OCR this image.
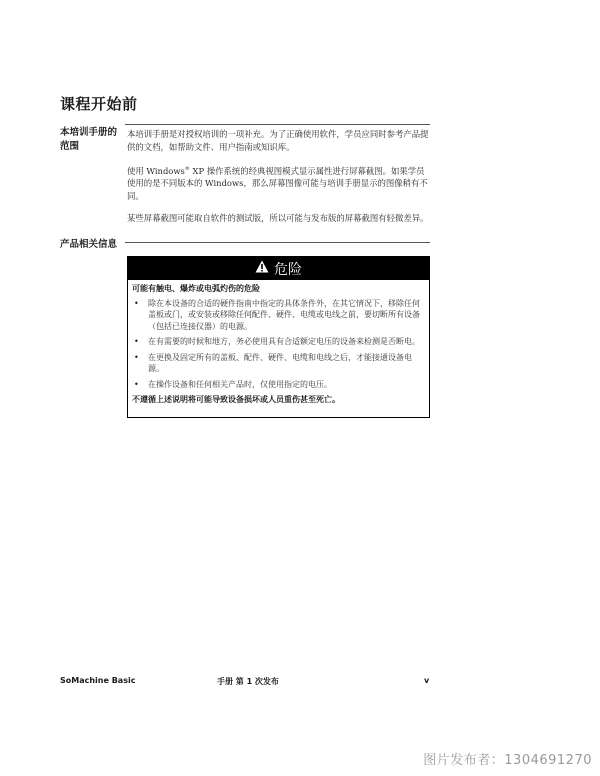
课程开始前
本培训手册的范围

本培训手册是对授权培训的一项补充。为了正确使用软件，学员应同时参考产品提供的文档，如帮助文件、用户指南或知识库。

使用 Windows® XP 操作系统的经典视图模式显示属性进行屏幕截图。如果学员使用的是不同版本的 Windows，那么屏幕图像可能与培训手册显示的图像稍有不同。

某些屏幕截图可能取自软件的测试版，所以可能与发布版的屏幕截图有轻微差异。

产品相关信息
危险
可能有触电、爆炸或电弧灼伤的危险
•	除在本设备的合适的硬件指南中指定的具体条件外，在其它情况下，移除任何盖板或门，或安装或移除任何配件、硬件、电缆或电线之前，要切断所有设备（包括已连接仪器）的电源。
•	在有需要的时候和地方，务必使用具有合适额定电压的设备来检测是否断电。
•	在更换及固定所有的盖板、配件、硬件、电缆和电线之后，才能接通设备电源。
•	在操作设备和任何相关产品时，仅使用指定的电压。
不遵循上述说明将可能导致设备损坏或人员重伤甚至死亡。
SoMachine Basic	手册 第 1 次发布	v
图片发布者：1304691270
